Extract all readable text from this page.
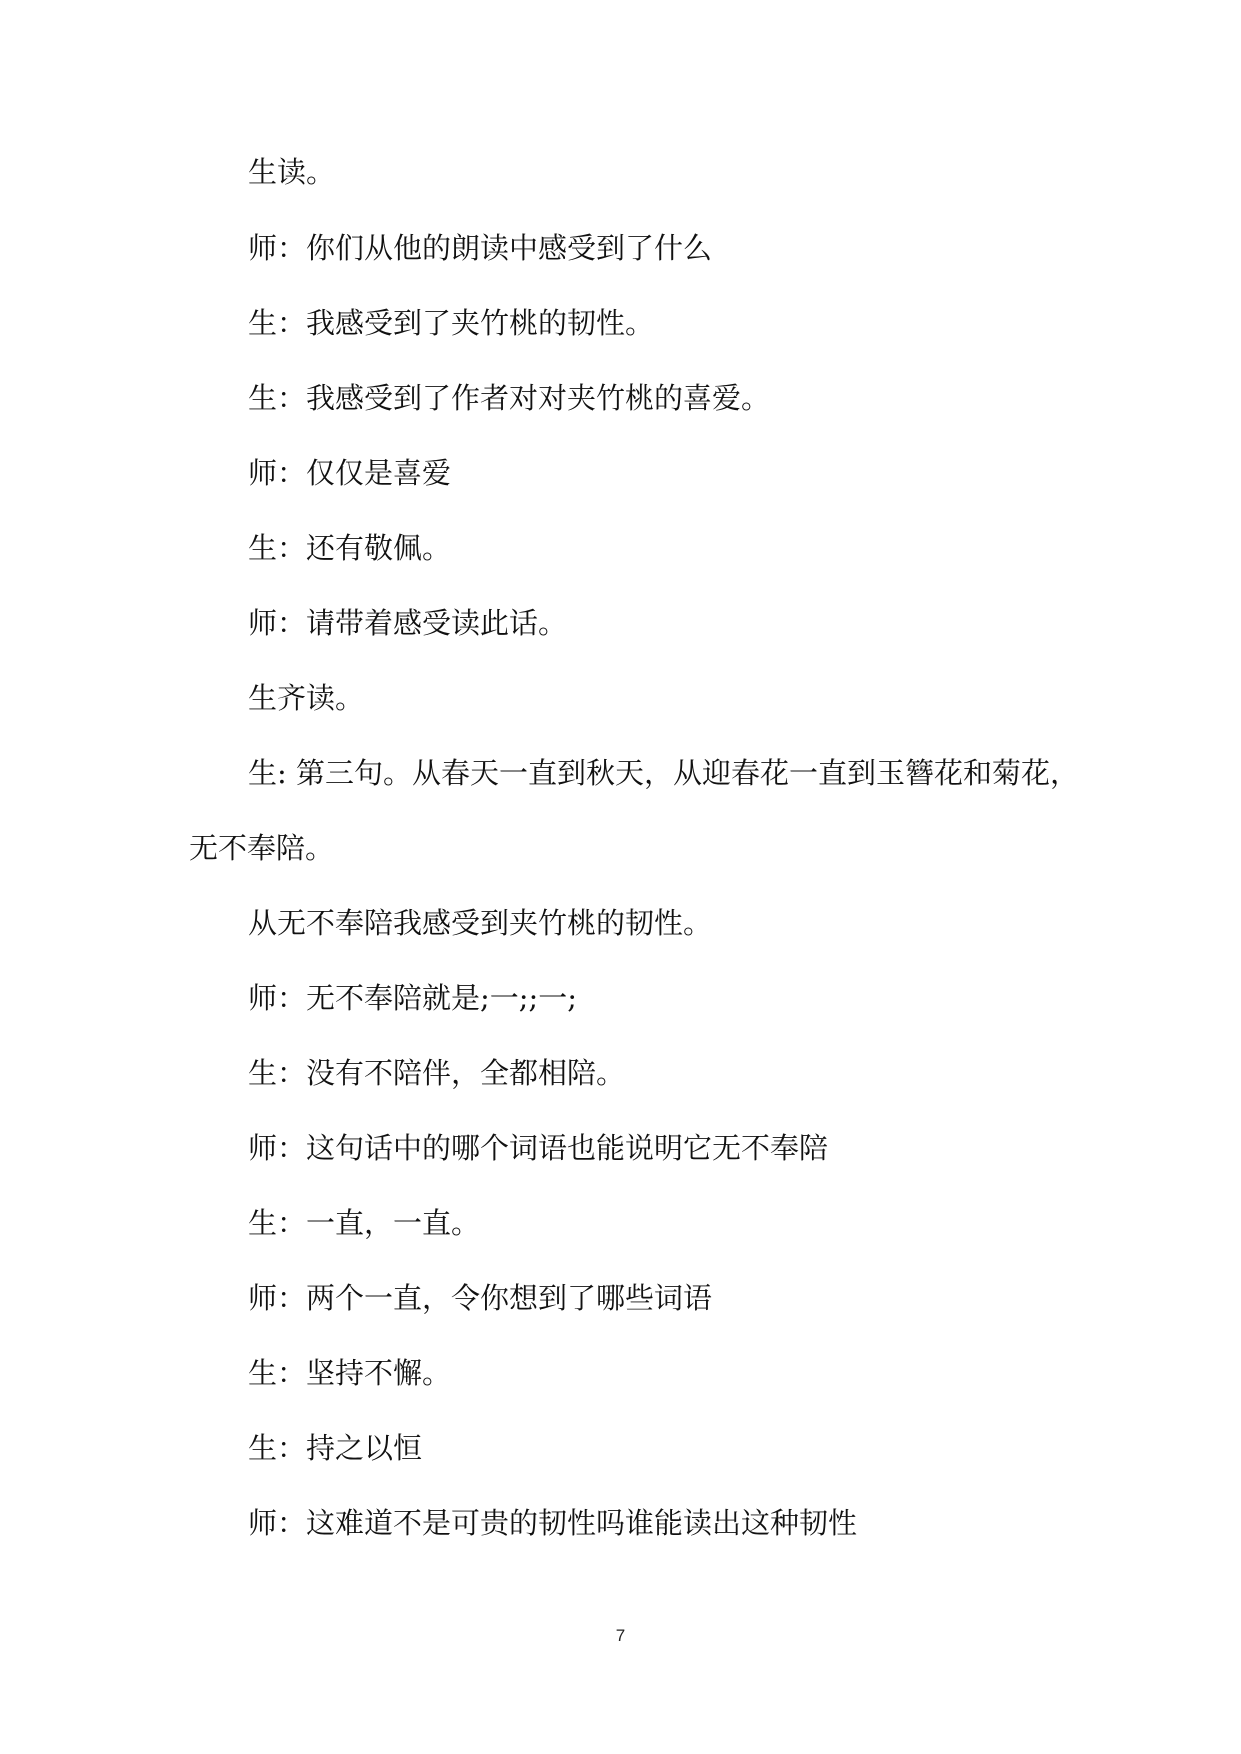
生读。

师：你们从他的朗读中感受到了什么

生：我感受到了夹竹桃的韧性。

生：我感受到了作者对对夹竹桃的喜爱。

师：仅仅是喜爱

生：还有敬佩。

师：请带着感受读此话。

生齐读。

生: 第三句。从春天一直到秋天，从迎春花一直到玉簪花和菊花，

无不奉陪。

从无不奉陪我感受到夹竹桃的韧性。

师：无不奉陪就是;一;;一;

生：没有不陪伴，全都相陪。

师：这句话中的哪个词语也能说明它无不奉陪

生：一直，一直。

师：两个一直，令你想到了哪些词语

生：坚持不懈。

生：持之以恒

师：这难道不是可贵的韧性吗谁能读出这种韧性

7
